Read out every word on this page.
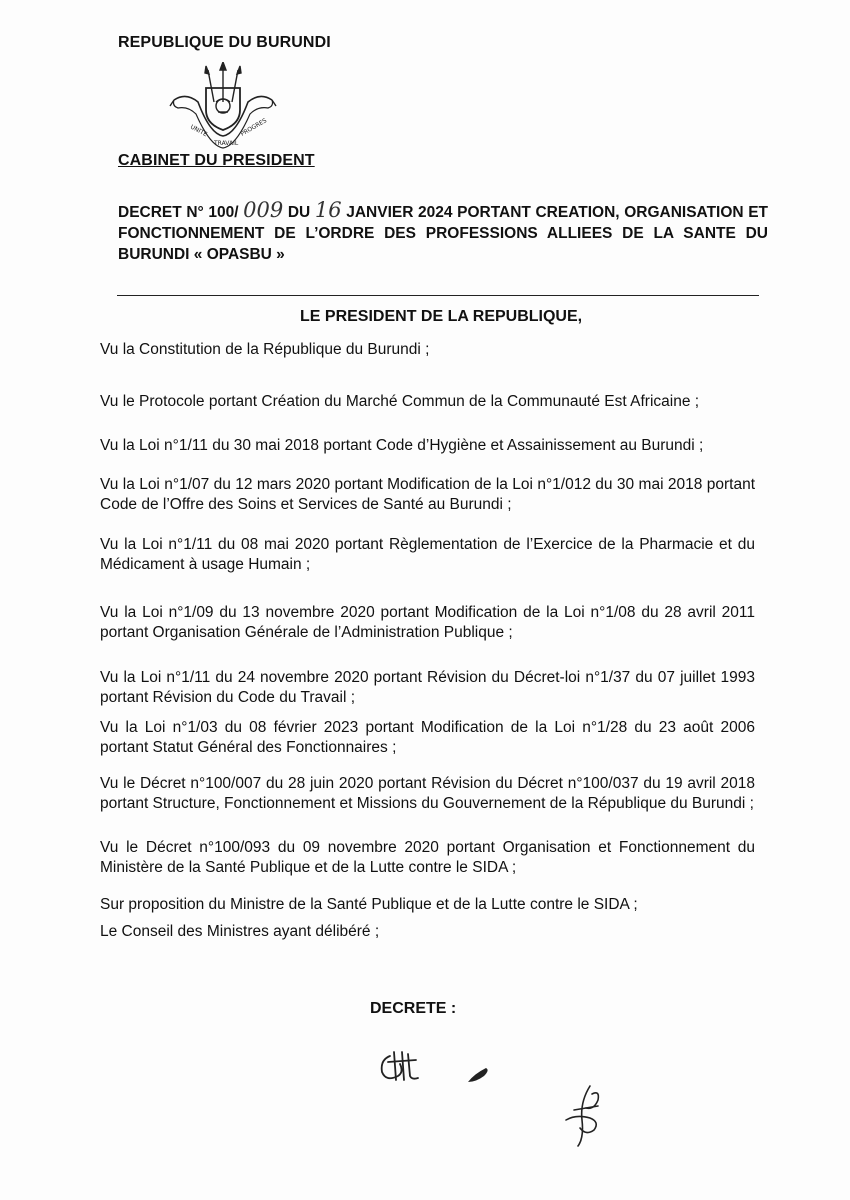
REPUBLIQUE DU BURUNDI
UNITE
TRAVAIL
PROGRES
CABINET DU PRESIDENT
DECRET N° 100/ 009 DU 16 JANVIER 2024 PORTANT CREATION, ORGANISATION ET FONCTIONNEMENT DE L’ORDRE DES PROFESSIONS ALLIEES DE LA SANTE DU BURUNDI « OPASBU »
LE PRESIDENT DE LA REPUBLIQUE,
Vu la Constitution de la République du Burundi ;
Vu le Protocole portant Création du Marché Commun de la Communauté Est Africaine ;
Vu la Loi n°1/11 du 30 mai 2018 portant Code d’Hygiène et Assainissement au Burundi ;
Vu la Loi n°1/07 du 12 mars 2020 portant Modification de la Loi n°1/012 du 30 mai 2018 portant Code de l’Offre des Soins et Services de Santé au Burundi ;
Vu la Loi n°1/11 du 08 mai 2020 portant Règlementation de l’Exercice de la Pharmacie et du Médicament à usage Humain ;
Vu la Loi n°1/09 du 13 novembre 2020 portant Modification de la Loi n°1/08 du 28 avril 2011 portant Organisation Générale de l’Administration Publique ;
Vu la Loi n°1/11 du 24 novembre 2020 portant Révision du Décret-loi n°1/37 du 07 juillet 1993 portant Révision du Code du Travail ;
Vu la Loi n°1/03 du 08 février 2023 portant Modification de la Loi n°1/28 du 23 août 2006 portant Statut Général des Fonctionnaires ;
Vu le Décret n°100/007 du 28 juin 2020 portant Révision du Décret n°100/037 du 19 avril 2018 portant Structure, Fonctionnement et Missions du Gouvernement de la République du Burundi ;
Vu le Décret n°100/093 du 09 novembre 2020 portant Organisation et Fonctionnement du Ministère de la Santé Publique et de la Lutte contre le SIDA ;
Sur proposition du Ministre de la Santé Publique et de la Lutte contre le SIDA ;
Le Conseil des Ministres ayant délibéré ;
DECRETE :
